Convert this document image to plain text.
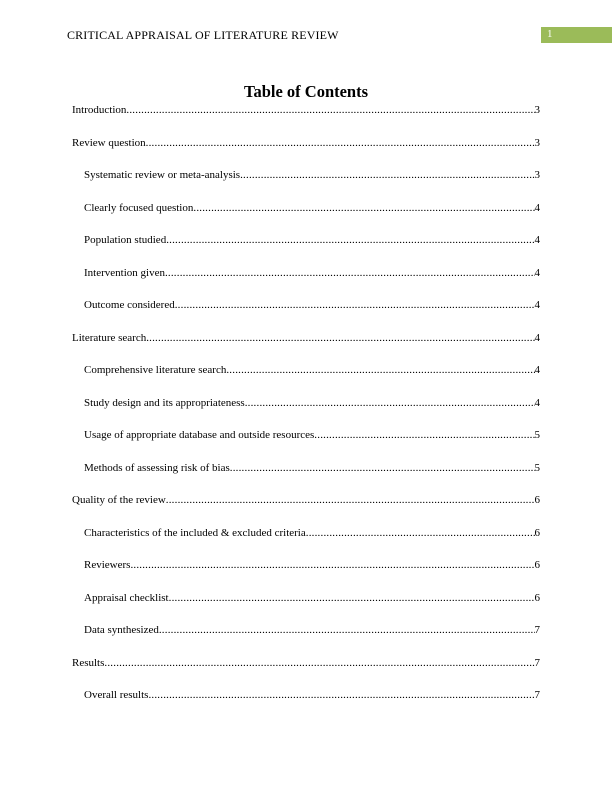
CRITICAL APPRAISAL OF LITERATURE REVIEW	1
Table of Contents
Introduction .....	3
Review question .....	3
Systematic review or meta-analysis .....	3
Clearly focused question .....	4
Population studied .....	4
Intervention given .....	4
Outcome considered .....	4
Literature search .....	4
Comprehensive literature search .....	4
Study design and its appropriateness .....	4
Usage of appropriate database and outside resources .....	5
Methods of assessing risk of bias .....	5
Quality of the review .....	6
Characteristics of the included & excluded criteria .....	6
Reviewers .....	6
Appraisal checklist .....	6
Data synthesized .....	7
Results .....	7
Overall results .....	7
